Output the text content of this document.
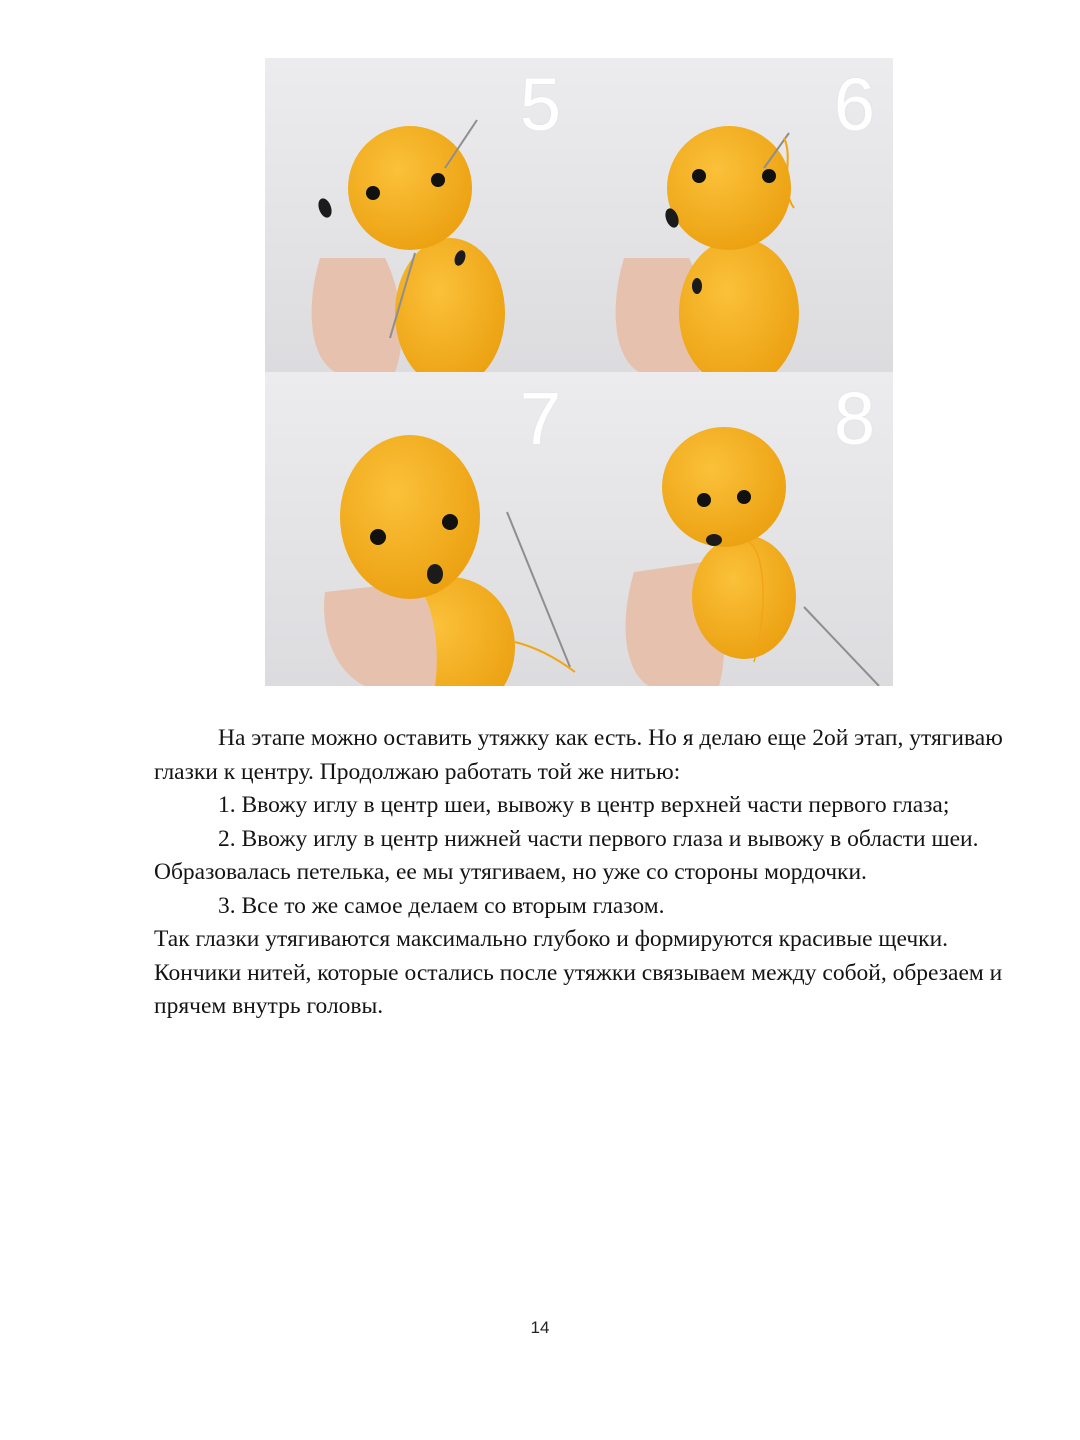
5	6
7	8

На этапе можно оставить утяжку как есть. Но я делаю еще 2ой этап, утягиваю глазки к центру. Продолжаю работать той же нитью:

1. Ввожу иглу в центр шеи, вывожу в центр верхней части первого глаза;

2. Ввожу иглу в центр нижней части первого глаза и вывожу в области шеи. Образовалась петелька, ее мы утягиваем, но уже со стороны мордочки.

3. Все то же самое делаем со вторым глазом.

Так глазки утягиваются максимально глубоко и формируются красивые щечки. Кончики нитей, которые остались после утяжки связываем между собой, обрезаем и прячем внутрь головы.

14
